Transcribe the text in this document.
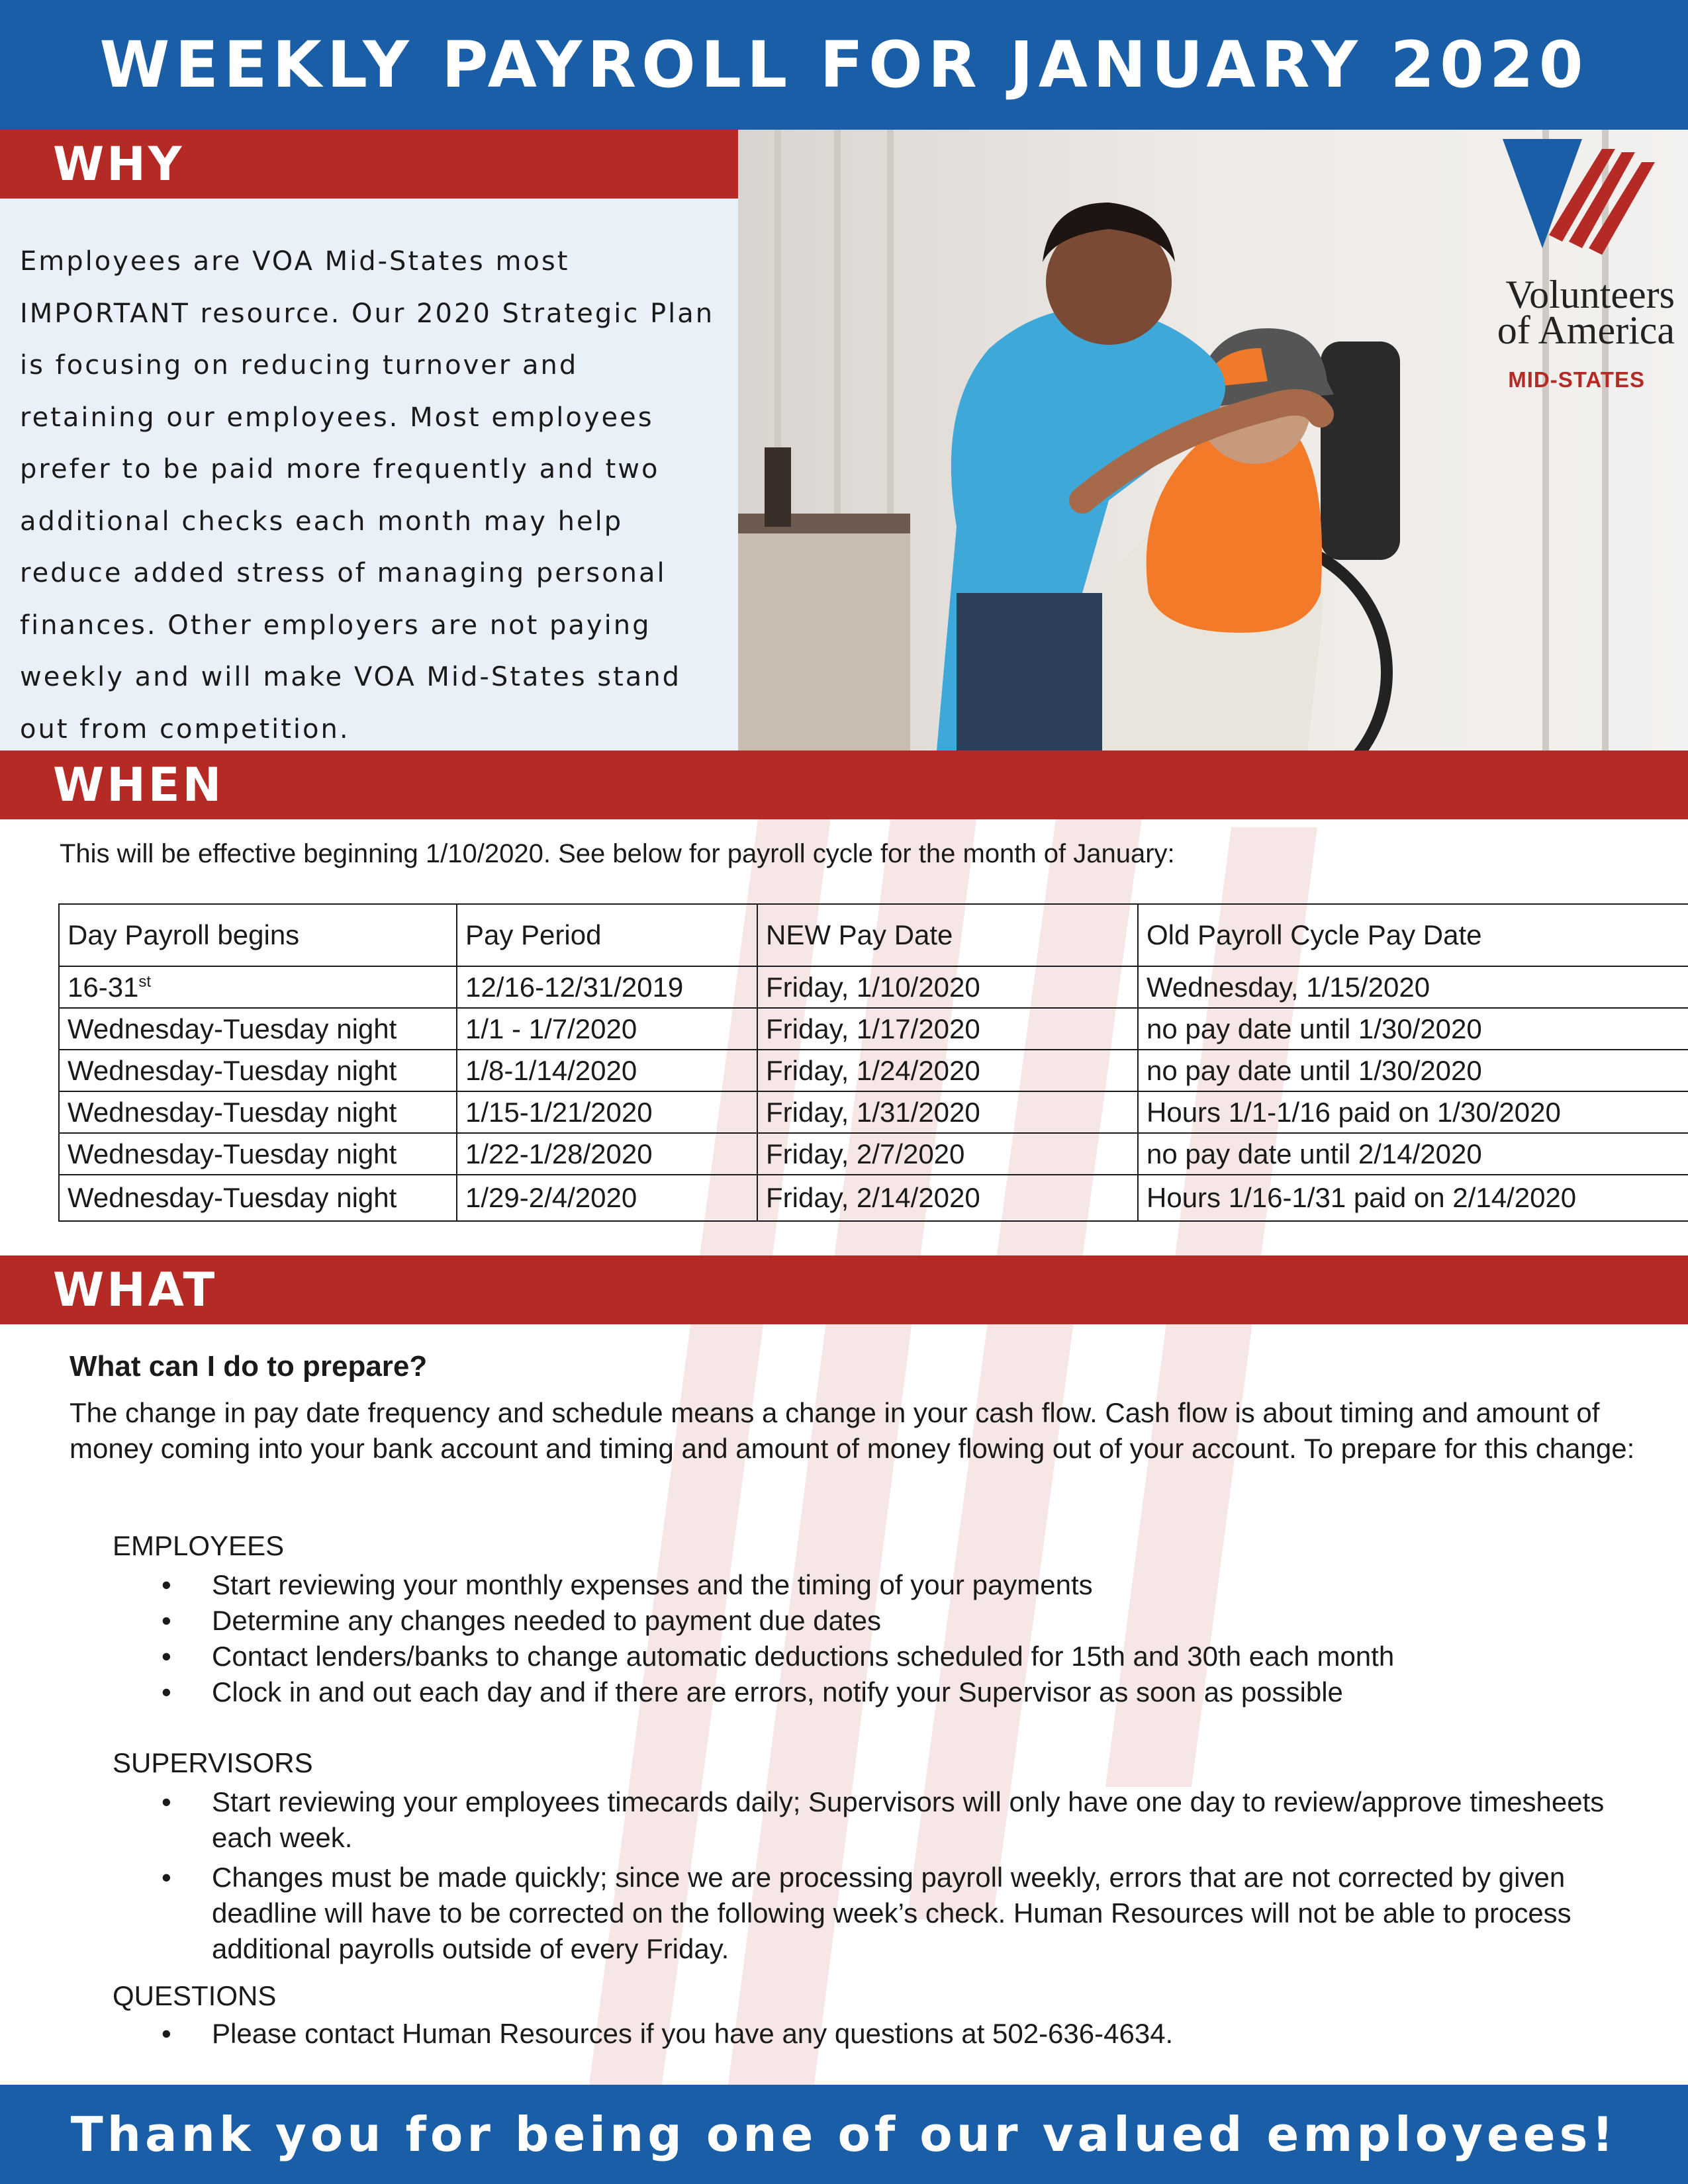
WEEKLY PAYROLL FOR JANUARY 2020
WHY

Employees are VOA Mid-States most IMPORTANT resource. Our 2020 Strategic Plan is focusing on reducing turnover and retaining our employees. Most employees prefer to be paid more frequently and two additional checks each month may help reduce added stress of managing personal finances. Other employers are not paying weekly and will make VOA Mid-States stand out from competition.

Volunteers
of America
MID-STATES
WHEN

This will be effective beginning 1/10/2020. See below for payroll cycle for the month of January:

Day Payroll begins	Pay Period	NEW Pay Date	Old Payroll Cycle Pay Date
16-31st	12/16-12/31/2019	Friday, 1/10/2020	Wednesday, 1/15/2020
Wednesday-Tuesday night	1/1 - 1/7/2020	Friday, 1/17/2020	no pay date until 1/30/2020
Wednesday-Tuesday night	1/8-1/14/2020	Friday, 1/24/2020	no pay date until 1/30/2020
Wednesday-Tuesday night	1/15-1/21/2020	Friday, 1/31/2020	Hours 1/1-1/16 paid on 1/30/2020
Wednesday-Tuesday night	1/22-1/28/2020	Friday, 2/7/2020	no pay date until 2/14/2020
Wednesday-Tuesday night	1/29-2/4/2020	Friday, 2/14/2020	Hours 1/16-1/31 paid on 2/14/2020
WHAT

What can I do to prepare?

The change in pay date frequency and schedule means a change in your cash flow. Cash flow is about timing and amount of money coming into your bank account and timing and amount of money flowing out of your account. To prepare for this change:

EMPLOYEES

• Start reviewing your monthly expenses and the timing of your payments
• Determine any changes needed to payment due dates
• Contact lenders/banks to change automatic deductions scheduled for 15th and 30th each month
• Clock in and out each day and if there are errors, notify your Supervisor as soon as possible

SUPERVISORS

• Start reviewing your employees timecards daily; Supervisors will only have one day to review/approve timesheets each week.
• Changes must be made quickly; since we are processing payroll weekly, errors that are not corrected by given deadline will have to be corrected on the following week’s check. Human Resources will not be able to process additional payrolls outside of every Friday.

QUESTIONS

• Please contact Human Resources if you have any questions at 502-636-4634.
Thank you for being one of our valued employees!
